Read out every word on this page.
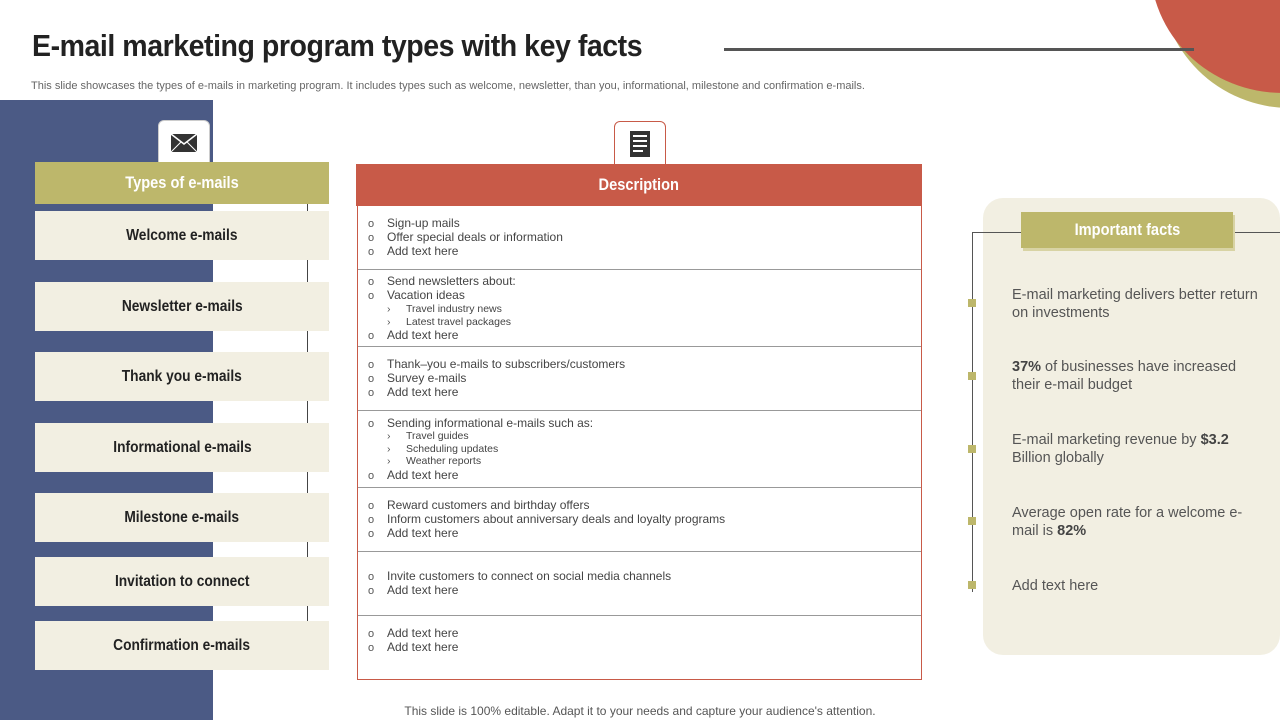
E-mail marketing program types with key facts
This slide showcases the types of e-mails in marketing program. It includes types such as welcome, newsletter, than you, informational, milestone and confirmation e-mails.
Types of e-mails
Welcome e-mails
Newsletter e-mails
Thank you e-mails
Informational e-mails
Milestone e-mails
Invitation to connect
Confirmation e-mails
Description
o Sign-up mails
o Offer special deals or information
o Add text here
o Send newsletters about:
o Vacation ideas
› Travel industry news
› Latest travel packages
o Add text here
o Thank–you e-mails to subscribers/customers
o Survey e-mails
o Add text here
o Sending informational e-mails such as:
› Travel guides
› Scheduling updates
› Weather reports
o Add text here
o Reward customers and birthday offers
o Inform customers about anniversary deals and loyalty programs
o Add text here
o Invite customers to connect on social media channels
o Add text here
o Add text here
o Add text here
Important facts
E-mail marketing delivers better return on investments
37% of businesses have increased their e-mail budget
E-mail marketing revenue by $3.2 Billion globally
Average open rate for a welcome e-mail is 82%
Add text here
This slide is 100% editable. Adapt it to your needs and capture your audience's attention.
